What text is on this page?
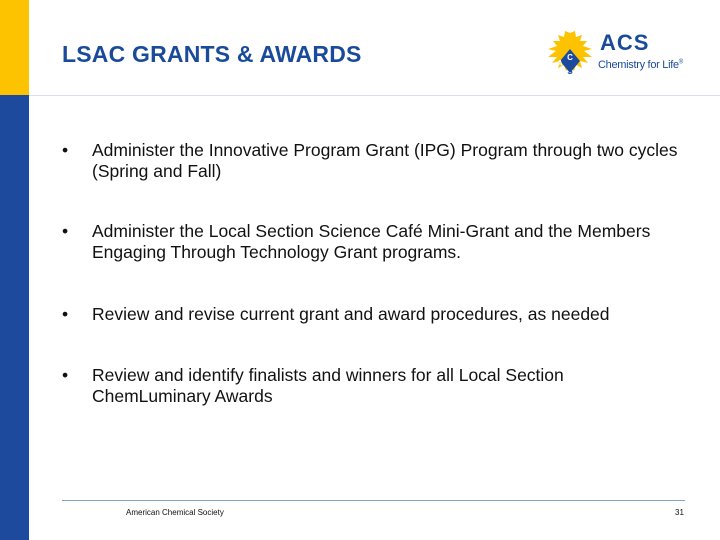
LSAC GRANTS & AWARDS	A
C
S
ACS
Chemistry for Life®
• Administer the Innovative Program Grant (IPG) Program through two cycles (Spring and Fall)
• Administer the Local Section Science Café Mini-Grant and the Members Engaging Through Technology Grant programs.
• Review and revise current grant and award procedures, as needed
• Review and identify finalists and winners for all Local Section ChemLuminary Awards
American Chemical Society	31
